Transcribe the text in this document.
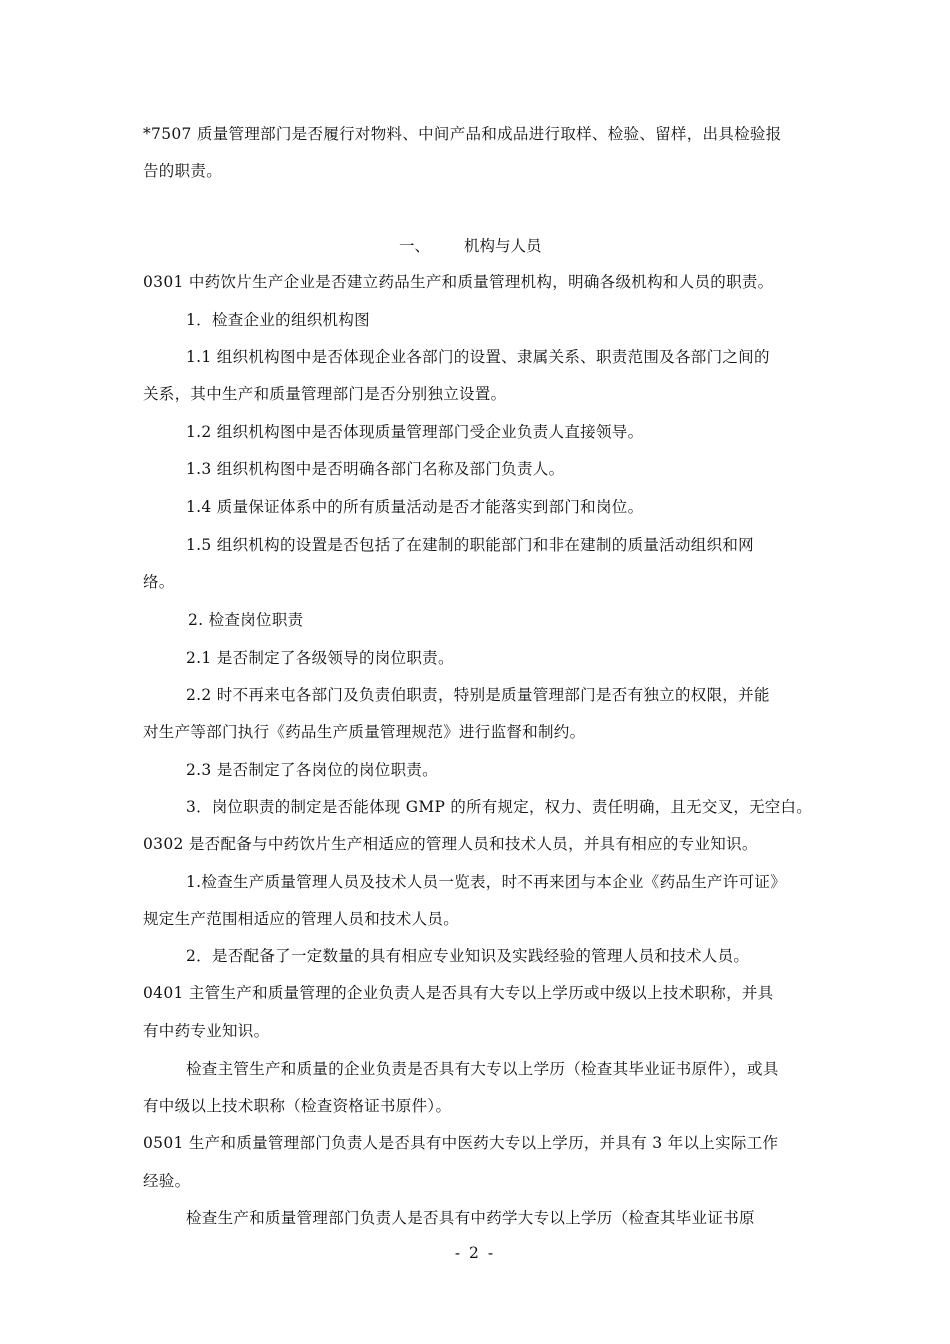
*7507 质量管理部门是否履行对物料、中间产品和成品进行取样、检验、留样，出具检验报
告的职责。
一、 机构与人员
0301 中药饮片生产企业是否建立药品生产和质量管理机构，明确各级机构和人员的职责。
1．检查企业的组织机构图
1.1 组织机构图中是否体现企业各部门的设置、隶属关系、职责范围及各部门之间的
关系，其中生产和质量管理部门是否分别独立设置。
1.2 组织机构图中是否体现质量管理部门受企业负责人直接领导。
1.3 组织机构图中是否明确各部门名称及部门负责人。
1.4 质量保证体系中的所有质量活动是否才能落实到部门和岗位。
1.5 组织机构的设置是否包括了在建制的职能部门和非在建制的质量活动组织和网
络。
2. 检查岗位职责
2.1 是否制定了各级领导的岗位职责。
2.2 时不再来屯各部门及负责伯职责，特别是质量管理部门是否有独立的权限，并能
对生产等部门执行《药品生产质量管理规范》进行监督和制约。
2.3 是否制定了各岗位的岗位职责。
3．岗位职责的制定是否能体现 GMP 的所有规定，权力、责任明确，且无交叉，无空白。
0302 是否配备与中药饮片生产相适应的管理人员和技术人员，并具有相应的专业知识。
1.检查生产质量管理人员及技术人员一览表，时不再来团与本企业《药品生产许可证》
规定生产范围相适应的管理人员和技术人员。
2．是否配备了一定数量的具有相应专业知识及实践经验的管理人员和技术人员。
0401 主管生产和质量管理的企业负责人是否具有大专以上学历或中级以上技术职称，并具
有中药专业知识。
检查主管生产和质量的企业负责是否具有大专以上学历（检查其毕业证书原件），或具
有中级以上技术职称（检查资格证书原件）。
0501 生产和质量管理部门负责人是否具有中医药大专以上学历，并具有 3 年以上实际工作
经验。
检查生产和质量管理部门负责人是否具有中药学大专以上学历（检查其毕业证书原
- 2 -
